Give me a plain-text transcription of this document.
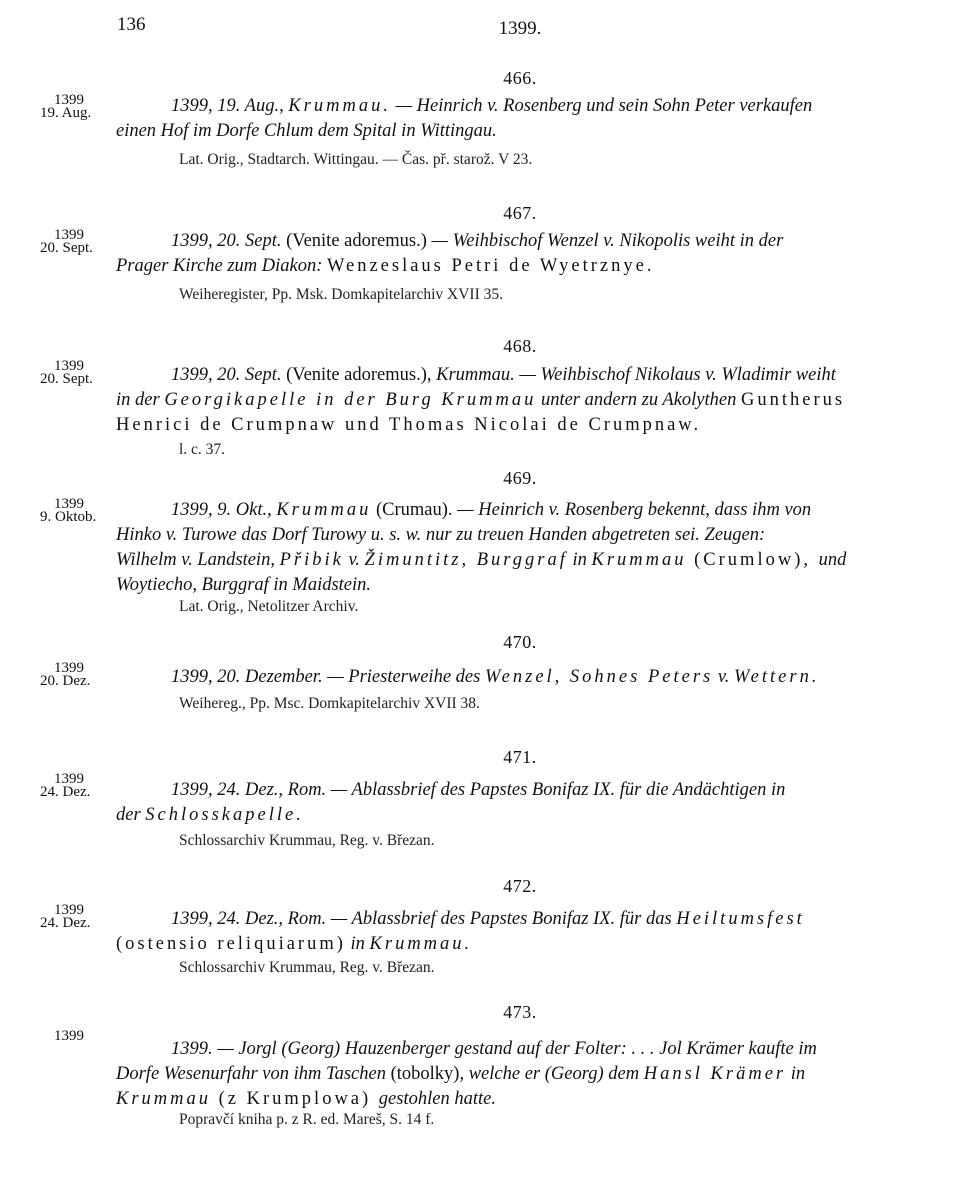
136	1399.
466.
1399
19. Aug.	1399, 19. Aug., Krummau. — Heinrich v. Rosenberg und sein Sohn Peter verkaufen
einen Hof im Dorfe Chlum dem Spital in Wittingau.
Lat. Orig., Stadtarch. Wittingau. — Čas. př. starož. V 23.
467.
1399
20. Sept.	1399, 20. Sept. (Venite adoremus.) — Weihbischof Wenzel v. Nikopolis weiht in der
Prager Kirche zum Diakon: Wenzeslaus Petri de Wyetrznye.
Weiheregister, Pp. Msk. Domkapitelarchiv XVII 35.
468.
1399
20. Sept.	1399, 20. Sept. (Venite adoremus.), Krummau. — Weihbischof Nikolaus v. Wladimir weiht
in der Georgikapelle in der Burg Krummau unter andern zu Akolythen Guntherus
Henrici de Crumpnaw und Thomas Nicolai de Crumpnaw.
l. c. 37.
469.
1399
9. Oktob.	1399, 9. Okt., Krummau (Crumau). — Heinrich v. Rosenberg bekennt, dass ihm von
Hinko v. Turowe das Dorf Turowy u. s. w. nur zu treuen Handen abgetreten sei. Zeugen:
Wilhelm v. Landstein, Přibik v. Žimuntitz, Burggraf in Krummau (Crumlow), und
Woytiecho, Burggraf in Maidstein.
Lat. Orig., Netolitzer Archiv.
470.
1399
20. Dez.	1399, 20. Dezember. — Priesterweihe des Wenzel, Sohnes Peters v. Wettern.
Weihereg., Pp. Msc. Domkapitelarchiv XVII 38.
471.
1399
24. Dez.	1399, 24. Dez., Rom. — Ablassbrief des Papstes Bonifaz IX. für die Andächtigen in
der Schlosskapelle.
Schlossarchiv Krummau, Reg. v. Březan.
472.
1399
24. Dez.	1399, 24. Dez., Rom. — Ablassbrief des Papstes Bonifaz IX. für das Heiltumsfest
(ostensio reliquiarum) in Krummau.
Schlossarchiv Krummau, Reg. v. Březan.
473.
1399
1399. — Jorgl (Georg) Hauzenberger gestand auf der Folter: . . . Jol Krämer kaufte im
Dorfe Wesenurfahr von ihm Taschen (tobolky), welche er (Georg) dem Hansl Krämer in
Krummau (z Krumplowa) gestohlen hatte.
Popravčí kniha p. z R. ed. Mareš, S. 14 f.
